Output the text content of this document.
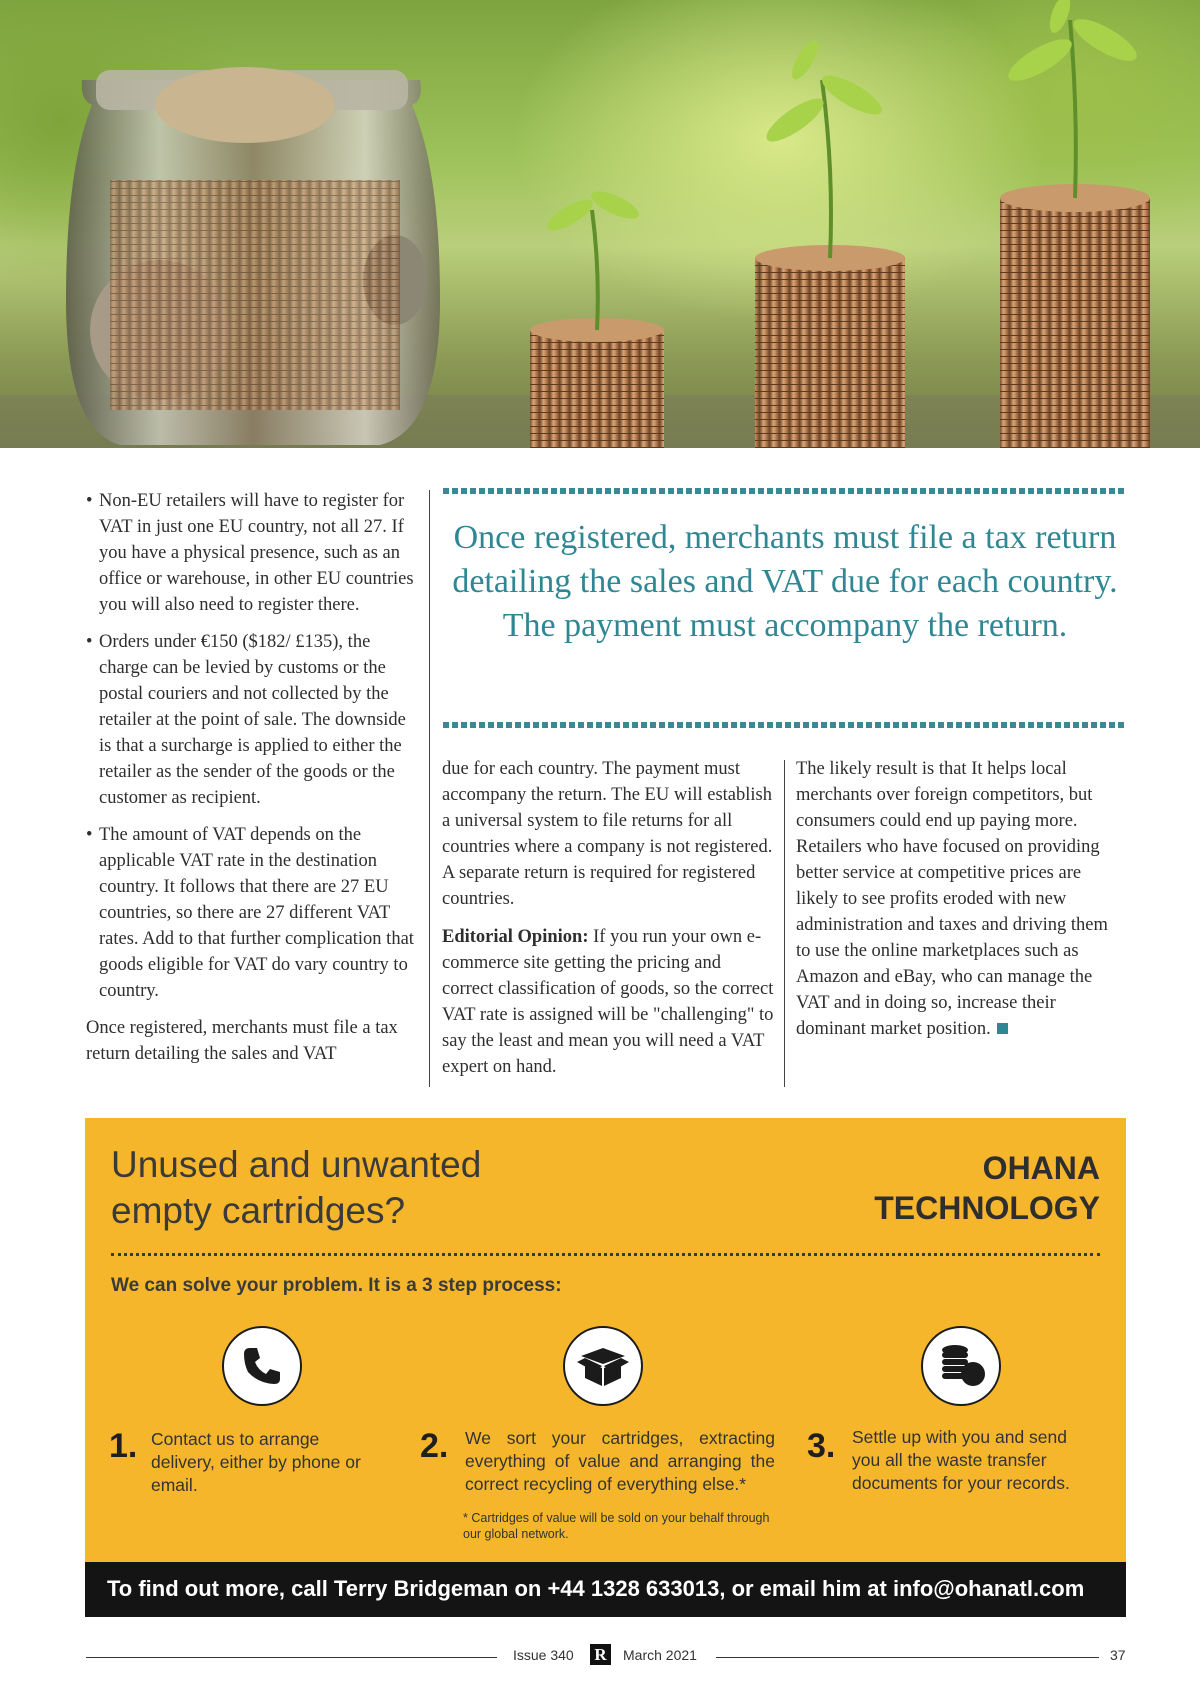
• Non-EU retailers will have to register for VAT in just one EU country, not all 27. If you have a physical presence, such as an office or warehouse, in other EU countries you will also need to register there.
• Orders under €150 ($182/ £135), the charge can be levied by customs or the postal couriers and not collected by the retailer at the point of sale. The downside is that a surcharge is applied to either the retailer as the sender of the goods or the customer as recipient.
• The amount of VAT depends on the applicable VAT rate in the destination country. It follows that there are 27 EU countries, so there are 27 different VAT rates. Add to that further complication that goods eligible for VAT do vary country to country.

Once registered, merchants must file a tax return detailing the sales and VAT

Once registered, merchants must file a tax return detailing the sales and VAT due for each country. The payment must accompany the return.

due for each country. The payment must accompany the return. The EU will establish a universal system to file returns for all countries where a company is not registered. A separate return is required for registered countries.

Editorial Opinion: If you run your own e-commerce site getting the pricing and correct classification of goods, so the correct VAT rate is assigned will be "challenging" to say the least and mean you will need a VAT expert on hand.

The likely result is that It helps local merchants over foreign competitors, but consumers could end up paying more. Retailers who have focused on providing better service at competitive prices are likely to see profits eroded with new administration and taxes and driving them to use the online marketplaces such as Amazon and eBay, who can manage the VAT and in doing so, increase their dominant market position.

Unused and unwanted
empty cartridges?
OHANA
TECHNOLOGY
We can solve your problem. It is a 3 step process:
1. Contact us to arrange delivery, either by phone or email.
2. We sort your cartridges, extracting everything of value and arranging the correct recycling of everything else.*
3. Settle up with you and send you all the waste transfer documents for your records.
* Cartridges of value will be sold on your behalf through our global network.
To find out more, call Terry Bridgeman on +44 1328 633013, or email him at info@ohanatl.com
Issue 340 R	March 2021	37
